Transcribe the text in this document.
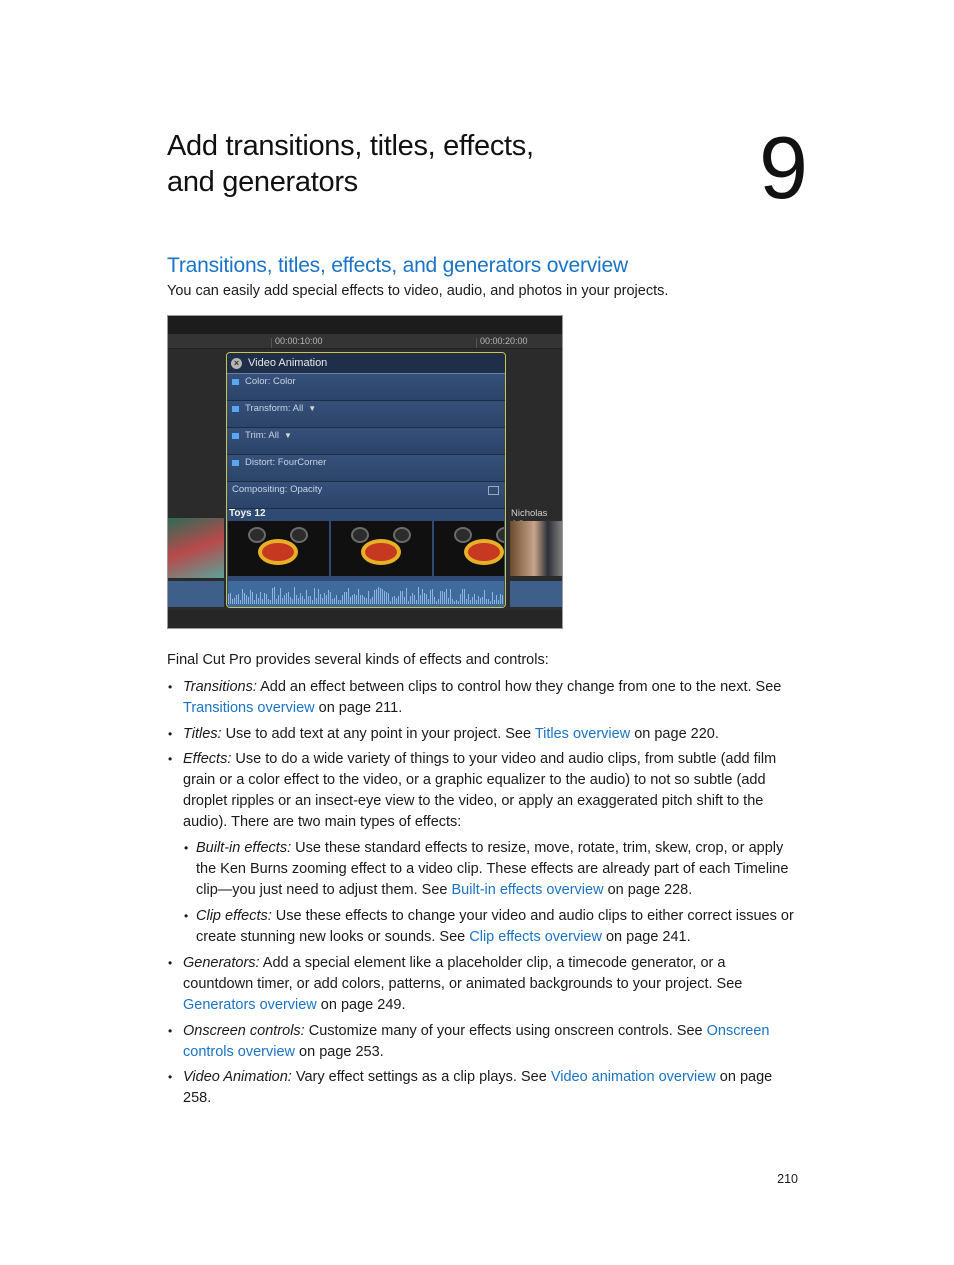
Add transitions, titles, effects,
and generators	9
Transitions, titles, effects, and generators overview

You can easily add special effects to video, audio, and photos in your projects.

00:00:10:00	00:00:20:00
× Video Animation
Color: Color
Transform: All ▼
Trim: All ▼
Distort: FourCorner
Compositing: Opacity
Toys 12	Nicholas

Final Cut Pro provides several kinds of effects and controls:

• Transitions: Add an effect between clips to control how they change from one to the next. See Transitions overview on page 211.
• Titles: Use to add text at any point in your project. See Titles overview on page 220.
• Effects: Use to do a wide variety of things to your video and audio clips, from subtle (add film grain or a color effect to the video, or a graphic equalizer to the audio) to not so subtle (add droplet ripples or an insect-eye view to the video, or apply an exaggerated pitch shift to the audio). There are two main types of effects:
• Built-in effects: Use these standard effects to resize, move, rotate, trim, skew, crop, or apply the Ken Burns zooming effect to a video clip. These effects are already part of each Timeline clip—you just need to adjust them. See Built-in effects overview on page 228.
• Clip effects: Use these effects to change your video and audio clips to either correct issues or create stunning new looks or sounds. See Clip effects overview on page 241.
• Generators: Add a special element like a placeholder clip, a timecode generator, or a countdown timer, or add colors, patterns, or animated backgrounds to your project. See Generators overview on page 249.
• Onscreen controls: Customize many of your effects using onscreen controls. See Onscreen controls overview on page 253.
• Video Animation: Vary effect settings as a clip plays. See Video animation overview on page 258.
210
